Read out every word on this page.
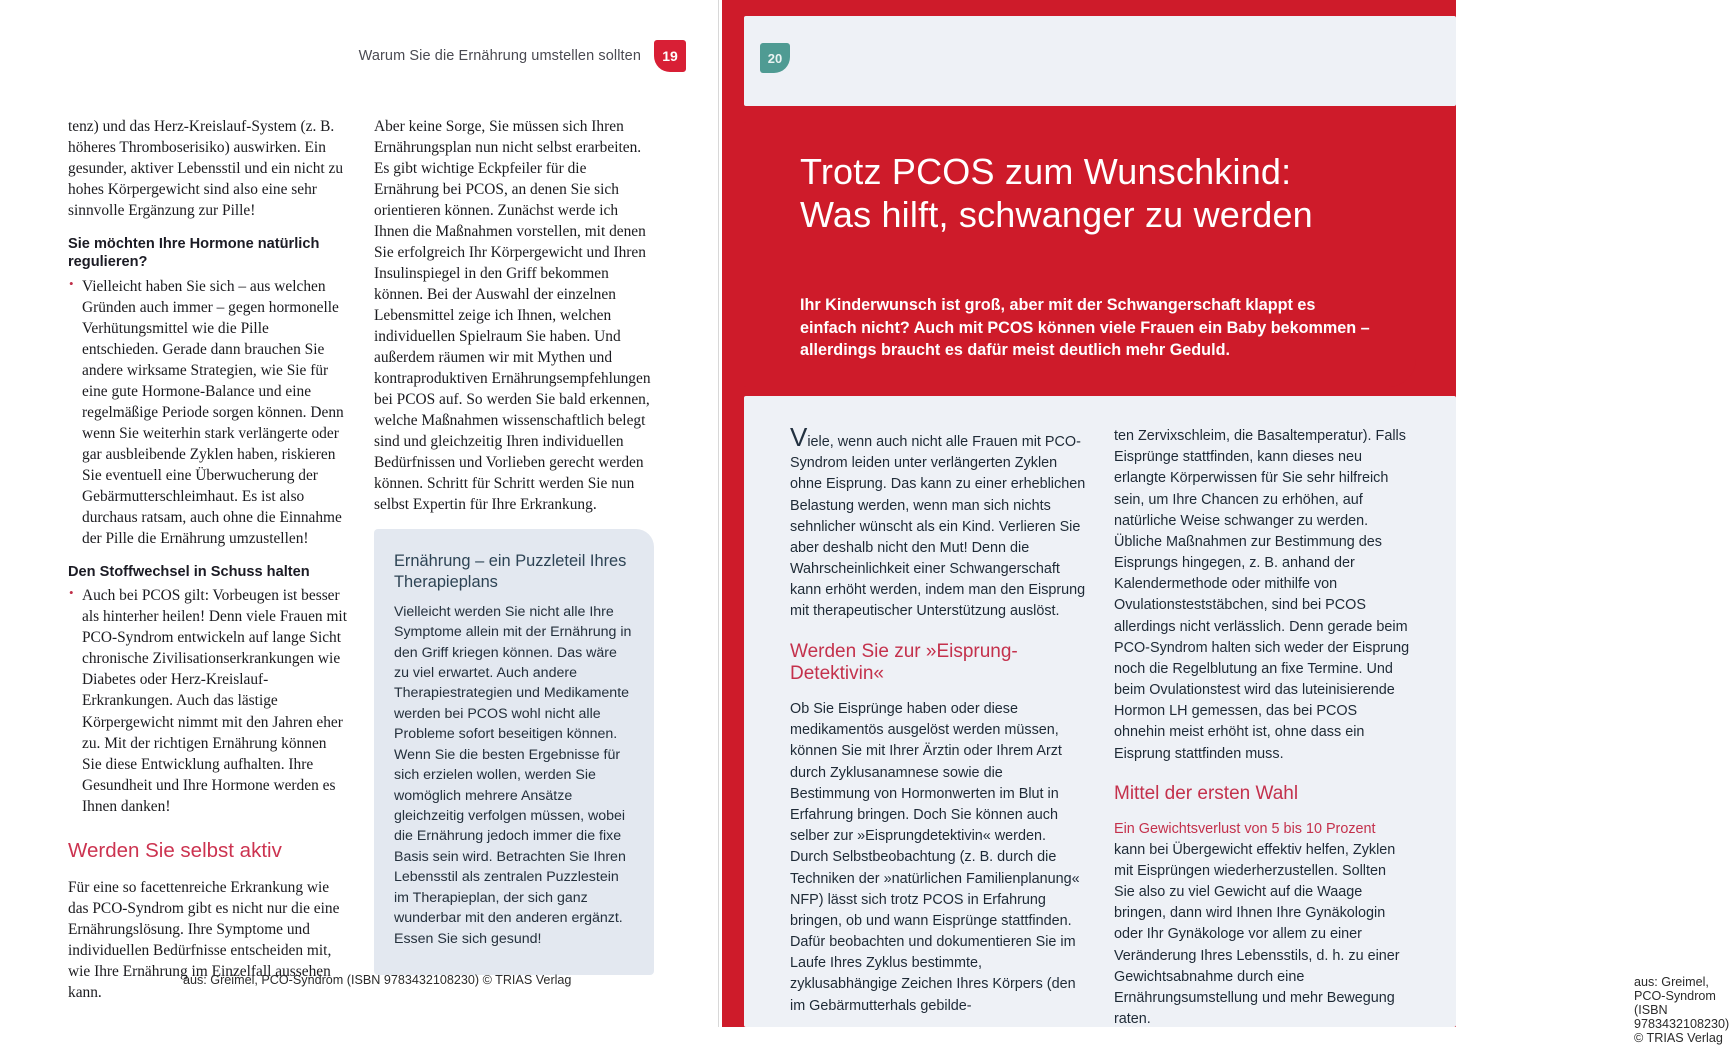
Warum Sie die Ernährung umstellen sollten	19

tenz) und das Herz-Kreislauf-System (z. B. höheres Thromboserisiko) auswirken. Ein gesunder, aktiver Lebensstil und ein nicht zu hohes Körpergewicht sind also eine sehr sinnvolle Ergänzung zur Pille!

Sie möchten Ihre Hormone natürlich regulieren?
• Vielleicht haben Sie sich – aus welchen Gründen auch immer – gegen hormonelle Verhütungsmittel wie die Pille entschieden. Gerade dann brauchen Sie andere wirksame Strategien, wie Sie für eine gute Hormone-Balance und eine regelmäßige Periode sorgen können. Denn wenn Sie weiterhin stark verlängerte oder gar ausbleibende Zyklen haben, riskieren Sie eventuell eine Überwucherung der Gebärmutterschleimhaut. Es ist also durchaus ratsam, auch ohne die Einnahme der Pille die Ernährung umzustellen!
Den Stoffwechsel in Schuss halten
• Auch bei PCOS gilt: Vorbeugen ist besser als hinterher heilen! Denn viele Frauen mit PCO-Syndrom entwickeln auf lange Sicht chronische Zivilisationserkrankungen wie Diabetes oder Herz-Kreislauf-Erkrankungen. Auch das lästige Körpergewicht nimmt mit den Jahren eher zu. Mit der richtigen Ernährung können Sie diese Entwicklung aufhalten. Ihre Gesundheit und Ihre Hormone werden es Ihnen danken!
Werden Sie selbst aktiv

Für eine so facettenreiche Erkrankung wie das PCO-Syndrom gibt es nicht nur die eine Ernährungslösung. Ihre Symptome und individuellen Bedürfnisse entscheiden mit, wie Ihre Ernährung im Einzelfall aussehen kann.

Aber keine Sorge, Sie müssen sich Ihren Ernährungsplan nun nicht selbst erarbeiten. Es gibt wichtige Eckpfeiler für die Ernährung bei PCOS, an denen Sie sich orientieren können. Zunächst werde ich Ihnen die Maßnahmen vorstellen, mit denen Sie erfolgreich Ihr Körpergewicht und Ihren Insulinspiegel in den Griff bekommen können. Bei der Auswahl der einzelnen Lebensmittel zeige ich Ihnen, welchen individuellen Spielraum Sie haben. Und außerdem räumen wir mit Mythen und kontraproduktiven Ernährungsempfehlungen bei PCOS auf. So werden Sie bald erkennen, welche Maßnahmen wissenschaftlich belegt sind und gleichzeitig Ihren individuellen Bedürfnissen und Vorlieben gerecht werden können. Schritt für Schritt werden Sie nun selbst Expertin für Ihre Erkrankung.

Ernährung – ein Puzzleteil Ihres Therapieplans

Vielleicht werden Sie nicht alle Ihre Symptome allein mit der Ernährung in den Griff kriegen können. Das wäre zu viel erwartet. Auch andere Therapiestrategien und Medikamente werden bei PCOS wohl nicht alle Probleme sofort beseitigen können. Wenn Sie die besten Ergebnisse für sich erzielen wollen, werden Sie womöglich mehrere Ansätze gleichzeitig verfolgen müssen, wobei die Ernährung jedoch immer die fixe Basis sein wird. Betrachten Sie Ihren Lebensstil als zentralen Puzzlestein im Therapieplan, der sich ganz wunderbar mit den anderen ergänzt. Essen Sie sich gesund!

aus: Greimel, PCO-Syndrom (ISBN 9783432108230) © TRIAS Verlag
20
Trotz PCOS zum Wunschkind:
Was hilft, schwanger zu werden

Ihr Kinderwunsch ist groß, aber mit der Schwangerschaft klappt es einfach nicht? Auch mit PCOS können viele Frauen ein Baby bekommen – allerdings braucht es dafür meist deutlich mehr Geduld.

aus: Greimel, PCO-Syndrom (ISBN 9783432108230) © TRIAS Verlag

Viele, wenn auch nicht alle Frauen mit PCO-Syndrom leiden unter verlängerten Zyklen ohne Eisprung. Das kann zu einer erheblichen Belastung werden, wenn man sich nichts sehnlicher wünscht als ein Kind. Verlieren Sie aber deshalb nicht den Mut! Denn die Wahrscheinlichkeit einer Schwangerschaft kann erhöht werden, indem man den Eisprung mit therapeutischer Unterstützung auslöst.

Werden Sie zur »Eisprung-Detektivin«

Ob Sie Eisprünge haben oder diese medikamentös ausgelöst werden müssen, können Sie mit Ihrer Ärztin oder Ihrem Arzt durch Zyklusanamnese sowie die Bestimmung von Hormonwerten im Blut in Erfahrung bringen. Doch Sie können auch selber zur »Eisprungdetektivin« werden. Durch Selbstbeobachtung (z. B. durch die Techniken der »natürlichen Familienplanung« NFP) lässt sich trotz PCOS in Erfahrung bringen, ob und wann Eisprünge stattfinden. Dafür beobachten und dokumentieren Sie im Laufe Ihres Zyklus bestimmte, zyklusabhängige Zeichen Ihres Körpers (den im Gebärmutterhals gebilde-

ten Zervixschleim, die Basaltemperatur). Falls Eisprünge stattfinden, kann dieses neu erlangte Körperwissen für Sie sehr hilfreich sein, um Ihre Chancen zu erhöhen, auf natürliche Weise schwanger zu werden. Übliche Maßnahmen zur Bestimmung des Eisprungs hingegen, z. B. anhand der Kalendermethode oder mithilfe von Ovulationsteststäbchen, sind bei PCOS allerdings nicht verlässlich. Denn gerade beim PCO-Syndrom halten sich weder der Eisprung noch die Regelblutung an fixe Termine. Und beim Ovulationstest wird das luteinisierende Hormon LH gemessen, das bei PCOS ohnehin meist erhöht ist, ohne dass ein Eisprung stattfinden muss.

Mittel der ersten Wahl

Ein Gewichtsverlust von 5 bis 10 Prozent kann bei Übergewicht effektiv helfen, Zyklen mit Eisprüngen wiederherzustellen. Sollten Sie also zu viel Gewicht auf die Waage bringen, dann wird Ihnen Ihre Gynäkologin oder Ihr Gynäkologe vor allem zu einer Veränderung Ihres Lebensstils, d. h. zu einer Gewichtsabnahme durch eine Ernährungsumstellung und mehr Bewegung raten.
